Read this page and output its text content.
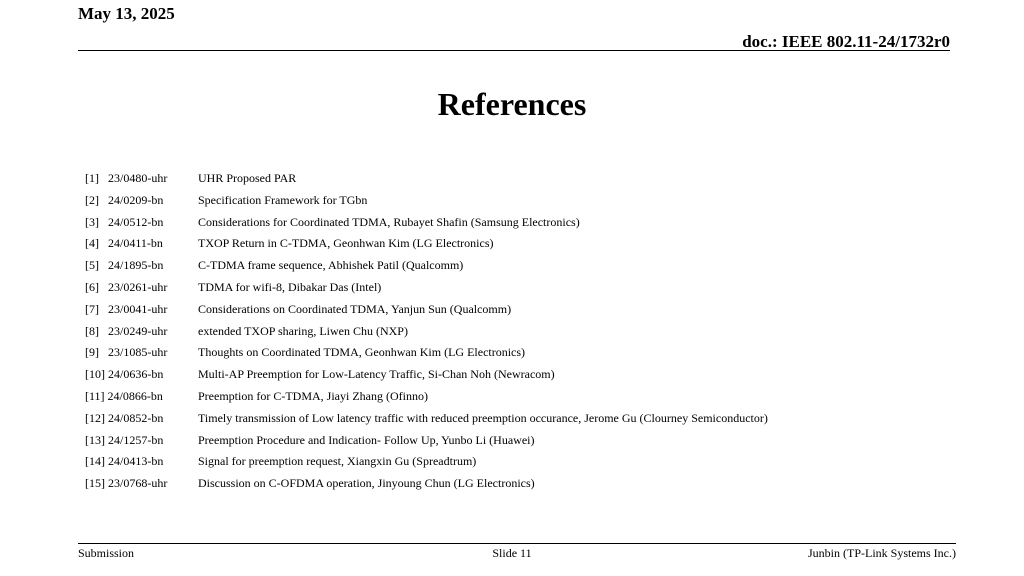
May 13, 2025
doc.: IEEE 802.11-24/1732r0
References
[1]   23/0480-uhr	UHR Proposed PAR
[2]   24/0209-bn	Specification Framework for TGbn
[3]   24/0512-bn	Considerations for Coordinated TDMA, Rubayet Shafin (Samsung Electronics)
[4]   24/0411-bn	TXOP Return in C-TDMA, Geonhwan Kim (LG Electronics)
[5]   24/1895-bn	C-TDMA frame sequence, Abhishek Patil (Qualcomm)
[6]   23/0261-uhr	TDMA for wifi-8, Dibakar Das (Intel)
[7]   23/0041-uhr	Considerations on Coordinated TDMA, Yanjun Sun (Qualcomm)
[8]   23/0249-uhr	extended TXOP sharing, Liwen Chu (NXP)
[9]   23/1085-uhr	Thoughts on Coordinated TDMA, Geonhwan Kim (LG Electronics)
[10] 24/0636-bn	Multi-AP Preemption for Low-Latency Traffic, Si-Chan Noh (Newracom)
[11] 24/0866-bn	Preemption for C-TDMA, Jiayi Zhang (Ofinno)
[12] 24/0852-bn	Timely transmission of Low latency traffic with reduced preemption occurance, Jerome Gu (Clourney Semiconductor)
[13] 24/1257-bn	Preemption Procedure and Indication- Follow Up, Yunbo Li (Huawei)
[14] 24/0413-bn	Signal for preemption request, Xiangxin Gu (Spreadtrum)
[15] 23/0768-uhr	Discussion on C-OFDMA operation, Jinyoung Chun (LG Electronics)
Submission	Slide 11	Junbin (TP-Link Systems Inc.)
